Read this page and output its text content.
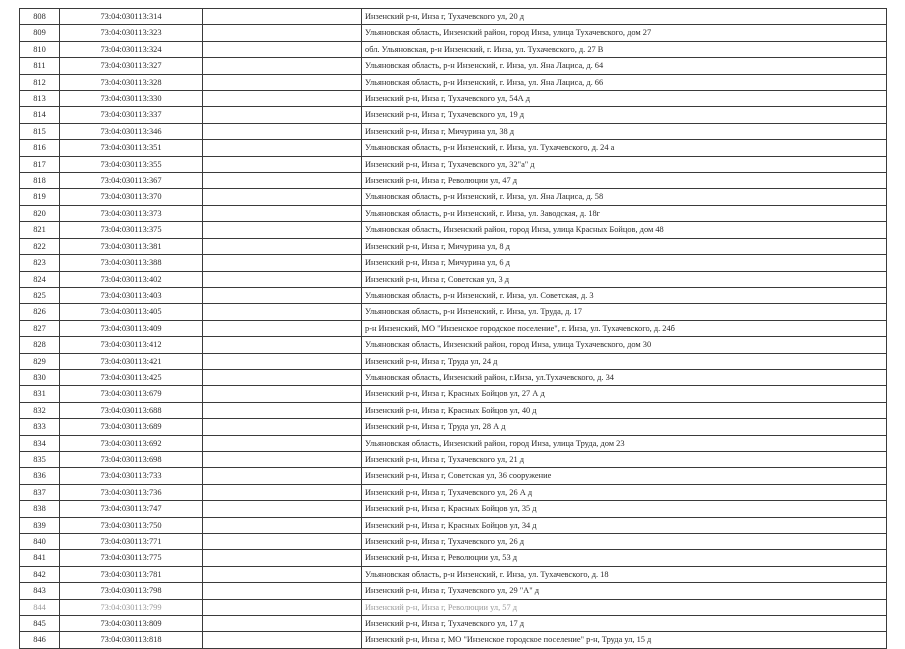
808	73:04:030113:314		Инзенский р-н, Инза г, Тухачевского ул, 20 д
809	73:04:030113:323		Ульяновская область, Инзенский район, город Инза, улица Тухачевского, дом 27
810	73:04:030113:324		обл. Ульяновская, р-н Инзенский, г. Инза, ул. Тухачевского, д. 27 В
811	73:04:030113:327		Ульяновская область, р-н Инзенский, г. Инза, ул. Яна Лациса, д. 64
812	73:04:030113:328		Ульяновская область, р-н Инзенский, г. Инза, ул. Яна Лациса, д. 66
813	73:04:030113:330		Инзенский р-н, Инза г, Тухачевского ул, 54А д
814	73:04:030113:337		Инзенский р-н, Инза г, Тухачевского ул, 19 д
815	73:04:030113:346		Инзенский р-н, Инза г, Мичурина ул, 38 д
816	73:04:030113:351		Ульяновская область, р-н Инзенский, г. Инза, ул. Тухачевского, д. 24 а
817	73:04:030113:355		Инзенский р-н, Инза г, Тухачевского ул, 32"а" д
818	73:04:030113:367		Инзенский р-н, Инза г, Революции ул, 47 д
819	73:04:030113:370		Ульяновская область, р-н Инзенский, г. Инза, ул. Яна Лациса, д. 58
820	73:04:030113:373		Ульяновская область, р-н Инзенский, г. Инза, ул. Заводская, д. 18г
821	73:04:030113:375		Ульяновская область, Инзенский район, город Инза, улица Красных Бойцов, дом 48
822	73:04:030113:381		Инзенский р-н, Инза г, Мичурина ул, 8 д
823	73:04:030113:388		Инзенский р-н, Инза г, Мичурина ул, 6 д
824	73:04:030113:402		Инзенский р-н, Инза г, Советская ул, 3 д
825	73:04:030113:403		Ульяновская область, р-н Инзенский, г. Инза, ул. Советская, д. 3
826	73:04:030113:405		Ульяновская область, р-н Инзенский, г. Инза, ул. Труда, д. 17
827	73:04:030113:409		р-н Инзенский, МО "Инзенское городское поселение", г. Инза, ул. Тухачевского, д. 24б
828	73:04:030113:412		Ульяновская область, Инзенский район, город Инза, улица Тухачевского, дом 30
829	73:04:030113:421		Инзенский р-н, Инза г, Труда ул, 24 д
830	73:04:030113:425		Ульяновская область, Инзенский район, г.Инза, ул.Тухачевского, д. 34
831	73:04:030113:679		Инзенский р-н, Инза г, Красных Бойцов ул, 27 А д
832	73:04:030113:688		Инзенский р-н, Инза г, Красных Бойцов ул, 40 д
833	73:04:030113:689		Инзенский р-н, Инза г, Труда ул, 28 А д
834	73:04:030113:692		Ульяновская область, Инзенский район, город Инза, улица Труда, дом 23
835	73:04:030113:698		Инзенский р-н, Инза г, Тухачевского ул, 21 д
836	73:04:030113:733		Инзенский р-н, Инза г, Советская ул, 36 сооружение
837	73:04:030113:736		Инзенский р-н, Инза г, Тухачевского ул, 26 А д
838	73:04:030113:747		Инзенский р-н, Инза г, Красных Бойцов ул, 35 д
839	73:04:030113:750		Инзенский р-н, Инза г, Красных Бойцов ул, 34 д
840	73:04:030113:771		Инзенский р-н, Инза г, Тухачевского ул, 26 д
841	73:04:030113:775		Инзенский р-н, Инза г, Революции ул, 53 д
842	73:04:030113:781		Ульяновская область, р-н Инзенский, г. Инза, ул. Тухачевского, д. 18
843	73:04:030113:798		Инзенский р-н, Инза г, Тухачевского ул, 29 "А" д
844	73:04:030113:799		Инзенский р-н, Инза г, Революции ул, 57 д
845	73:04:030113:809		Инзенский р-н, Инза г, Тухачевского ул, 17 д
846	73:04:030113:818		Инзенский р-н, Инза г, МО "Инзенское городское поселение" р-н, Труда ул, 15 д
